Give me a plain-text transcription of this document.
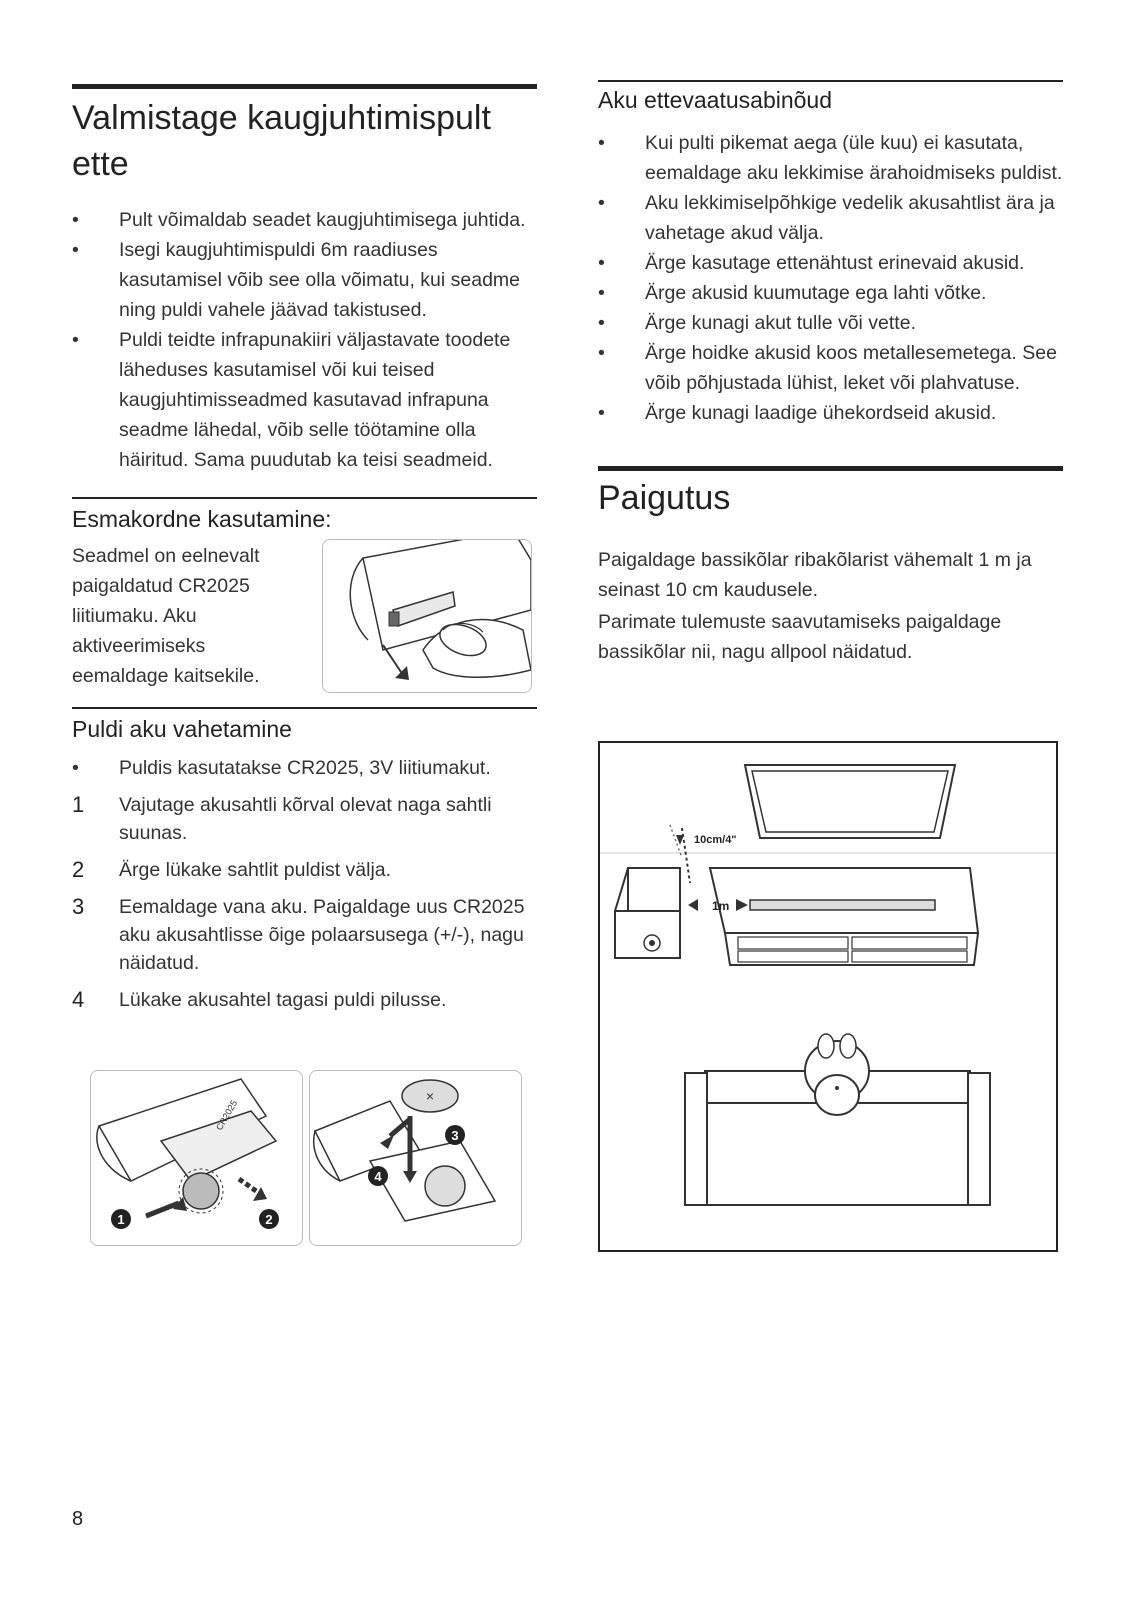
Valmistage kaugjuhtimispult
ette
•	Pult võimaldab seadet kaugjuhtimisega juhtida.
•	Isegi kaugjuhtimispuldi 6m raadiuses kasutamisel võib see olla võimatu, kui seadme ning puldi vahele jäävad takistused.
•	Puldi teidte infrapunakiiri väljastavate toodete läheduses kasutamisel või kui teised kaugjuhtimisseadmed kasutavad infrapuna seadme lähedal, võib selle töötamine olla häiritud. Sama puudutab ka teisi seadmeid.
Esmakordne kasutamine:
Seadmel on eelnevalt paigaldatud CR2025 liitiumaku. Aku aktiveerimiseks eemaldage kaitsekile.
Puldi aku vahetamine
•	Puldis kasutatakse CR2025, 3V liitiumakut.
1 Vajutage akusahtli kõrval olevat naga sahtli suunas.
2 Ärge lükake sahtlit puldist välja.
3 Eemaldage vana aku. Paigaldage uus CR2025 aku akusahtlisse õige polaarsusega (+/-), nagu näidatud.
4 Lükake akusahtel tagasi puldi pilusse.
CR2025
1	2
×
3
4
Aku ettevaatusabinõud
•	Kui pulti pikemat aega (üle kuu) ei kasutata, eemaldage aku lekkimise ärahoidmiseks puldist.
•	Aku lekkimiselpõhkige vedelik akusahtlist ära ja vahetage akud välja.
•	Ärge kasutage ettenähtust erinevaid akusid.
•	Ärge akusid kuumutage ega lahti võtke.
•	Ärge kunagi akut tulle või vette.
•	Ärge hoidke akusid koos metallesemetega. See võib põhjustada lühist, leket või plahvatuse.
•	Ärge kunagi laadige ühekordseid akusid.
Paigutus
Paigaldage bassikõlar ribakõlarist vähemalt 1 m ja seinast 10 cm kaudusele.
Parimate tulemuste saavutamiseks paigaldage bassikõlar nii, nagu allpool näidatud.
10cm/4"
1m
8
